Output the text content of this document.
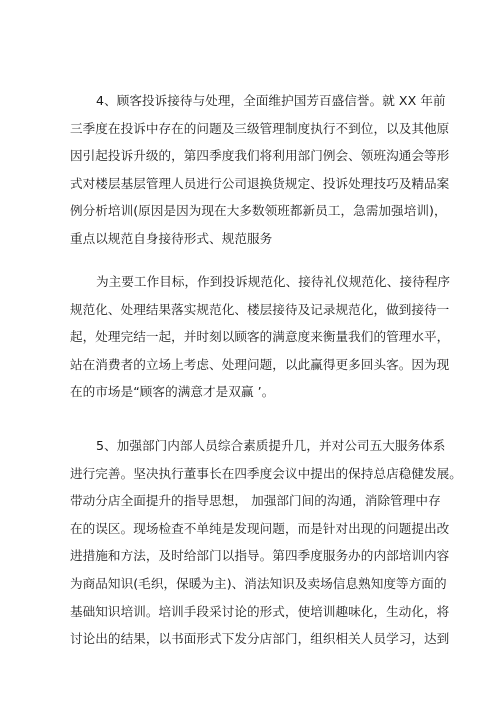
4、顾客投诉接待与处理，全面维护国芳百盛信誉。就 XX 年前
三季度在投诉中存在的问题及三级管理制度执行不到位，以及其他原
因引起投诉升级的，第四季度我们将利用部门例会、领班沟通会等形
式对楼层基层管理人员进行公司退换货规定、投诉处理技巧及精品案
例分析培训(原因是因为现在大多数领班都新员工，急需加强培训)，
重点以规范自身接待形式、规范服务
为主要工作目标，作到投诉规范化、接待礼仪规范化、接待程序
规范化、处理结果落实规范化、楼层接待及记录规范化，做到接待一
起，处理完结一起，并时刻以顾客的满意度来衡量我们的管理水平，
站在消费者的立场上考虑、处理问题，以此赢得更多回头客。因为现
在的市场是“顾客的满意才是双赢 ’。
5、加强部门内部人员综合素质提升几，并对公司五大服务体系
进行完善。坚决执行董事长在四季度会议中提出的保持总店稳健发展。
带动分店全面提升的指导思想， 加强部门间的沟通，消除管理中存
在的误区。现场检查不单纯是发现问题，而是针对出现的问题提出改
进措施和方法，及时给部门以指导。第四季度服务办的内部培训内容
为商品知识(毛织，保暖为主)、消法知识及卖场信息熟知度等方面的
基础知识培训。培训手段采讨论的形式，使培训趣味化，生动化，将
讨论出的结果，以书面形式下发分店部门，组织相关人员学习，达到
